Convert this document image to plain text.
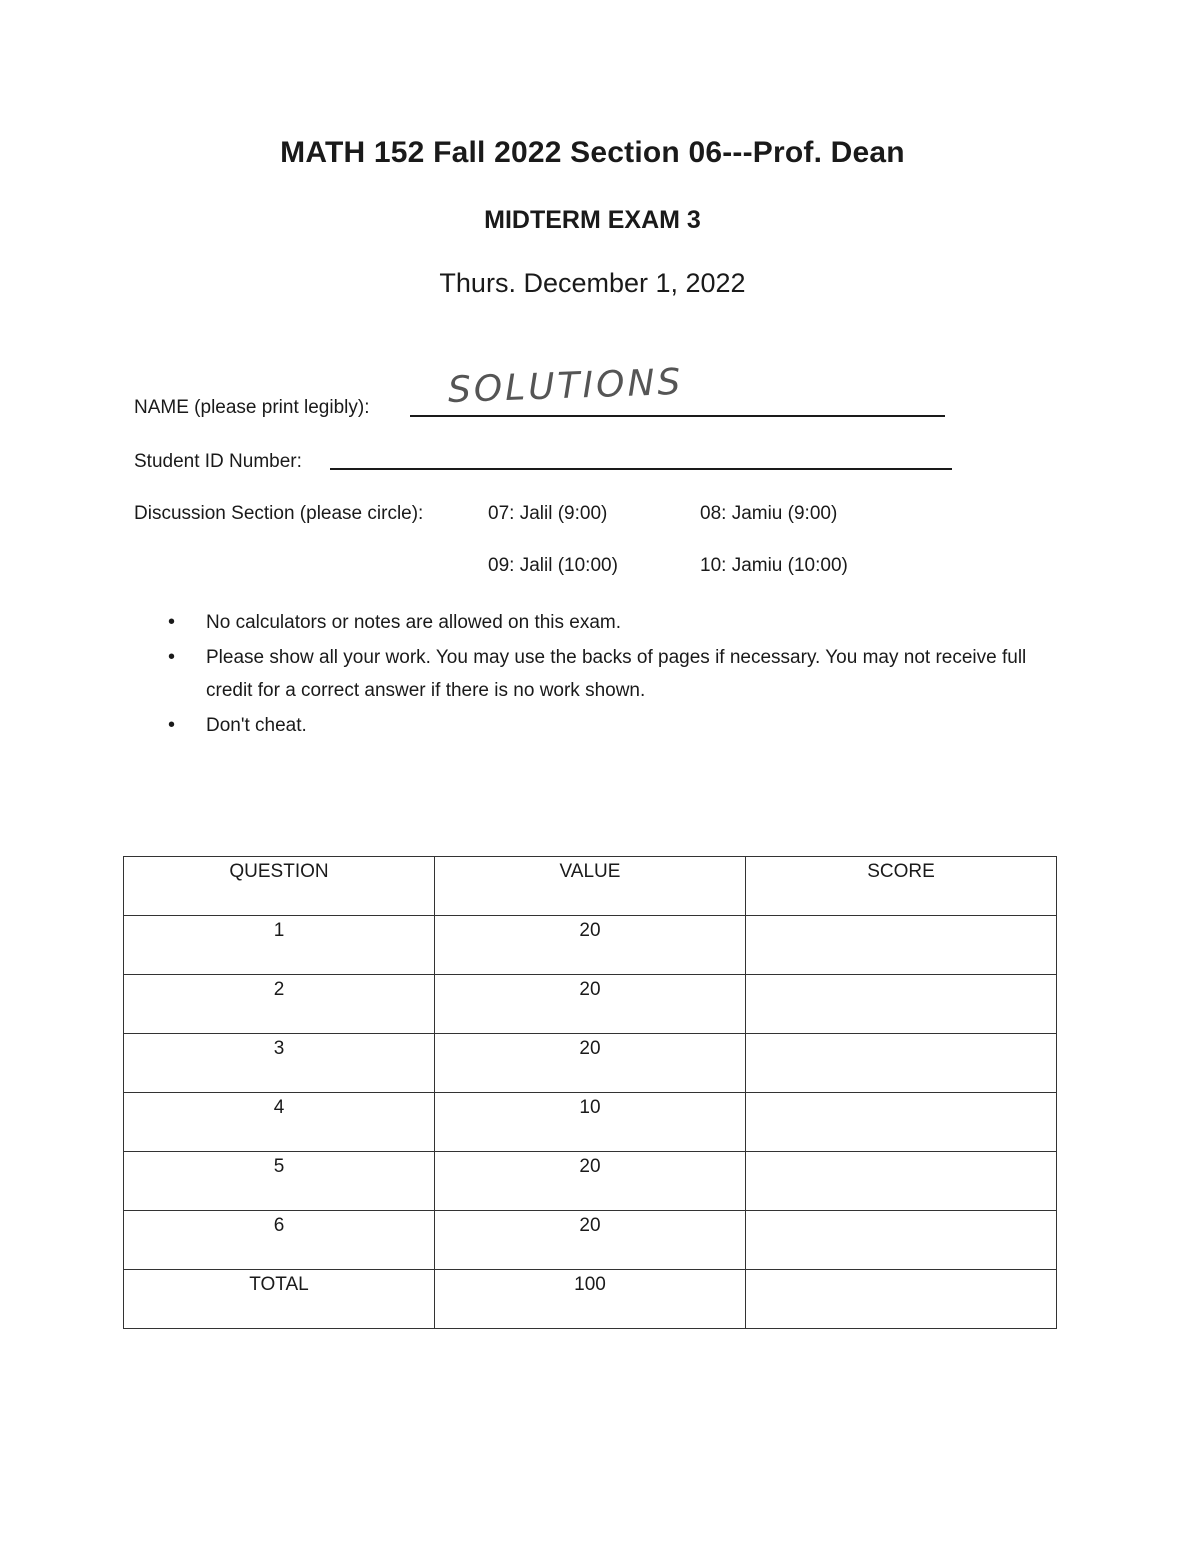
MATH 152 Fall 2022 Section 06---Prof. Dean
MIDTERM EXAM 3
Thurs. December 1, 2022
NAME (please print legibly): SOLUTIONS
Student ID Number:
Discussion Section (please circle):	07: Jalil (9:00)	08: Jamiu (9:00)
09: Jalil (10:00)	10: Jamiu (10:00)
• No calculators or notes are allowed on this exam.
• Please show all your work. You may use the backs of pages if necessary. You may not receive full credit for a correct answer if there is no work shown.
• Don't cheat.
QUESTION	VALUE	SCORE
1	20	
2	20	
3	20	
4	10	
5	20	
6	20	
TOTAL	100	
